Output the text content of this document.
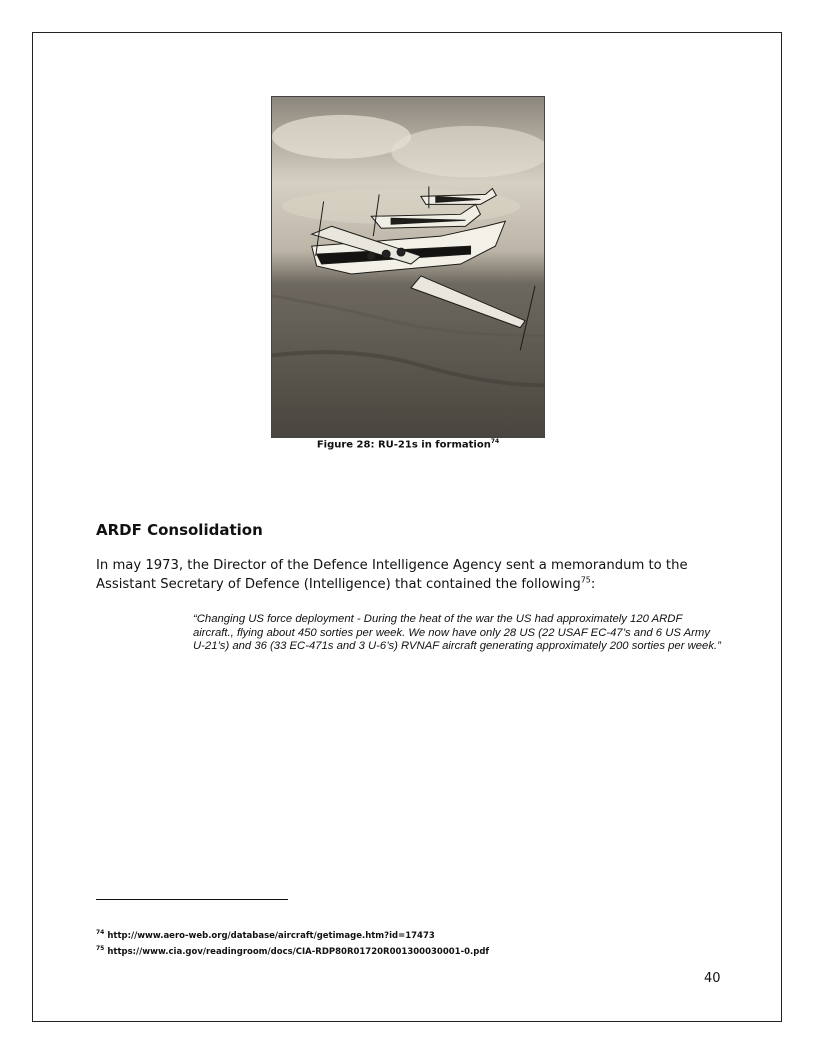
Figure 28: RU-21s in formation$^{74}$
ARDF Consolidation
In may 1973, the Director of the Defence Intelligence Agency sent a memorandum to the Assistant Secretary of Defence (Intelligence) that contained the following$^{75}$:
“Changing US force deployment - During the heat of the war the US had approximately 120 ARDF aircraft., flying about 450 sorties per week. We now have only 28 US (22 USAF EC-47’s and 6 US Army U-21’s) and 36 (33 EC-471s and 3 U-6’s) RVNAF aircraft generating approximately 200 sorties per week.”
$^{74}$ http://www.aero-web.org/database/aircraft/getimage.htm?id=17473
$^{75}$ https://www.cia.gov/readingroom/docs/CIA-RDP80R01720R001300030001-0.pdf
40
